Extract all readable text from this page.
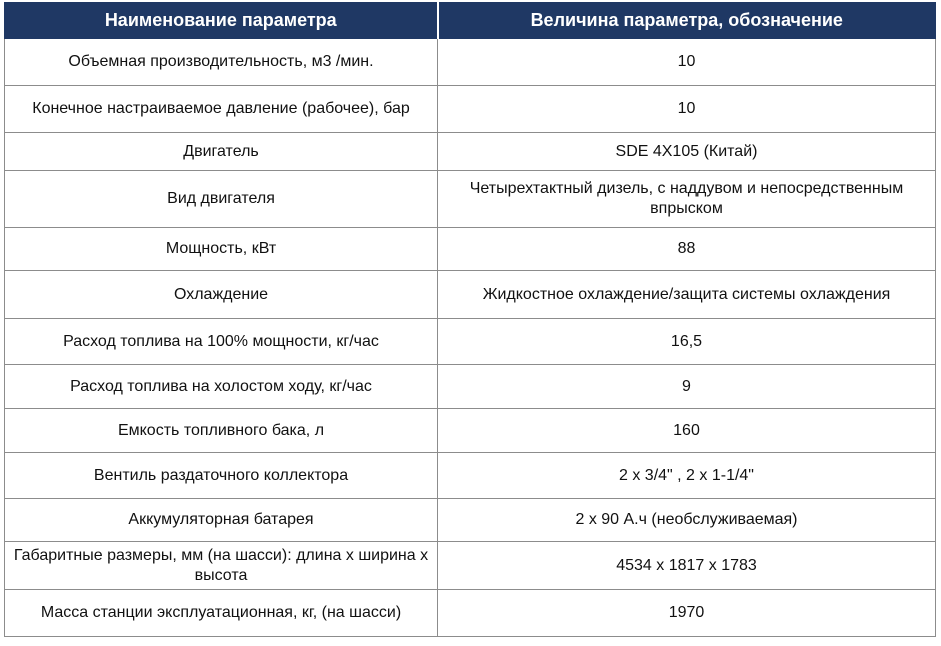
Наименование параметра	Величина параметра, обозначение
Объемная производительность, м3 /мин.	10
Конечное настраиваемое давление (рабочее), бар	10
Двигатель	SDE 4X105 (Китай)
Вид двигателя	Четырехтактный дизель, с наддувом и непосредственным впрыском
Мощность, кВт	88
Охлаждение	Жидкостное охлаждение/защита системы охлаждения
Расход топлива на 100% мощности, кг/час	16,5
Расход топлива на холостом ходу, кг/час	9
Емкость топливного бака, л	160
Вентиль раздаточного коллектора	2 x 3/4" , 2 x 1-1/4"
Аккумуляторная батарея	2 x 90 А.ч (необслуживаемая)
Габаритные размеры, мм (на шасси): длина х ширина х высота	4534 x 1817 x 1783
Масса станции эксплуатационная, кг, (на шасси)	1970
